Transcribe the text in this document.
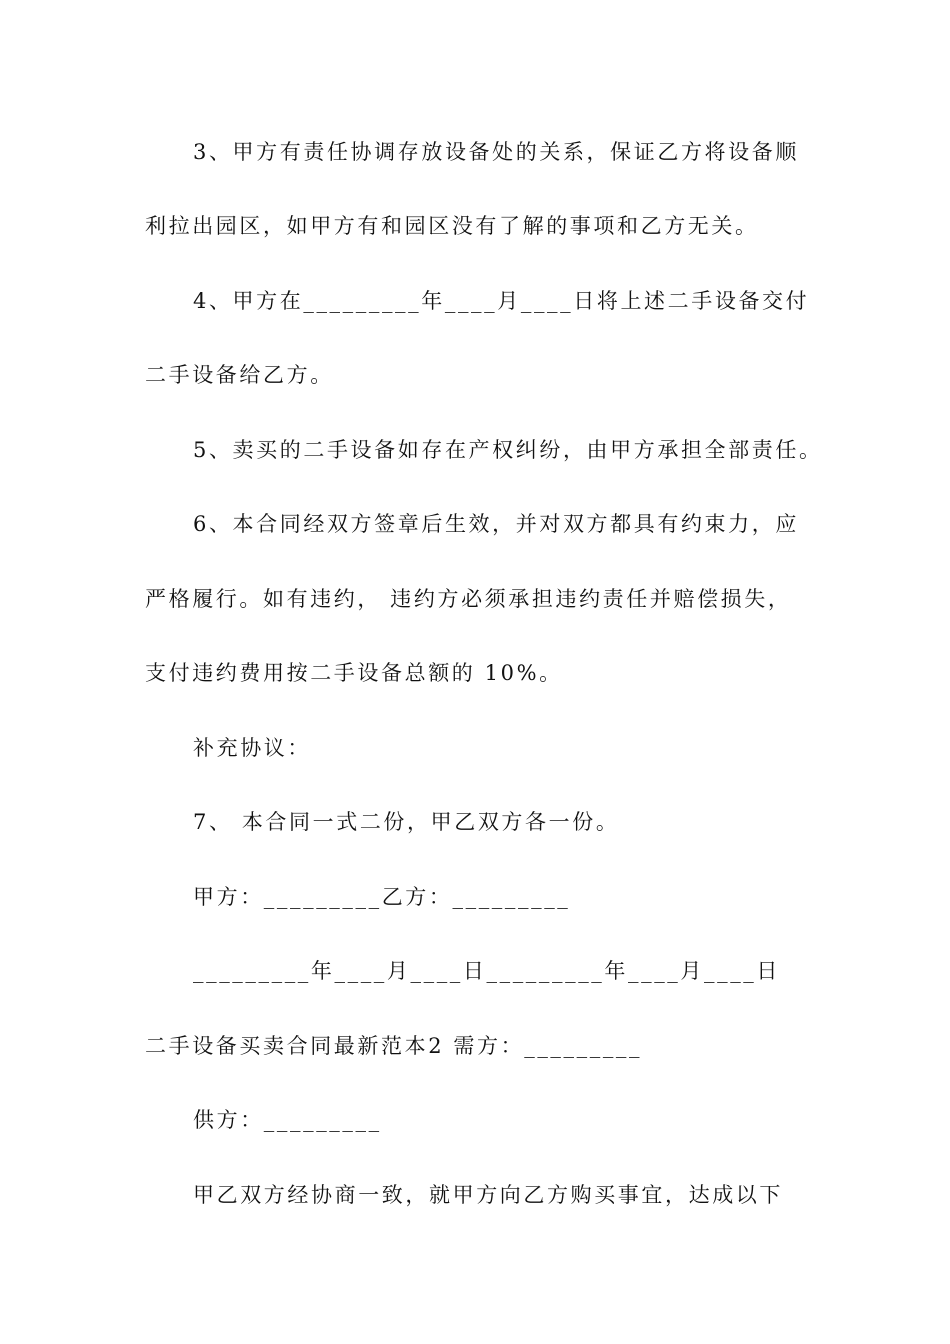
3、甲方有责任协调存放设备处的关系，保证乙方将设备顺
利拉出园区，如甲方有和园区没有了解的事项和乙方无关。
4、甲方在_________年____月____日将上述二手设备交付
二手设备给乙方。
5、卖买的二手设备如存在产权纠纷，由甲方承担全部责任。
6、本合同经双方签章后生效，并对双方都具有约束力，应
严格履行。如有违约， 违约方必须承担违约责任并赔偿损失，
支付违约费用按二手设备总额的 10%。
补充协议：
7、 本合同一式二份，甲乙双方各一份。
甲方：_________乙方：_________
_________年____月____日_________年____月____日
二手设备买卖合同最新范本2 需方：_________
供方：_________
甲乙双方经协商一致，就甲方向乙方购买事宜，达成以下
